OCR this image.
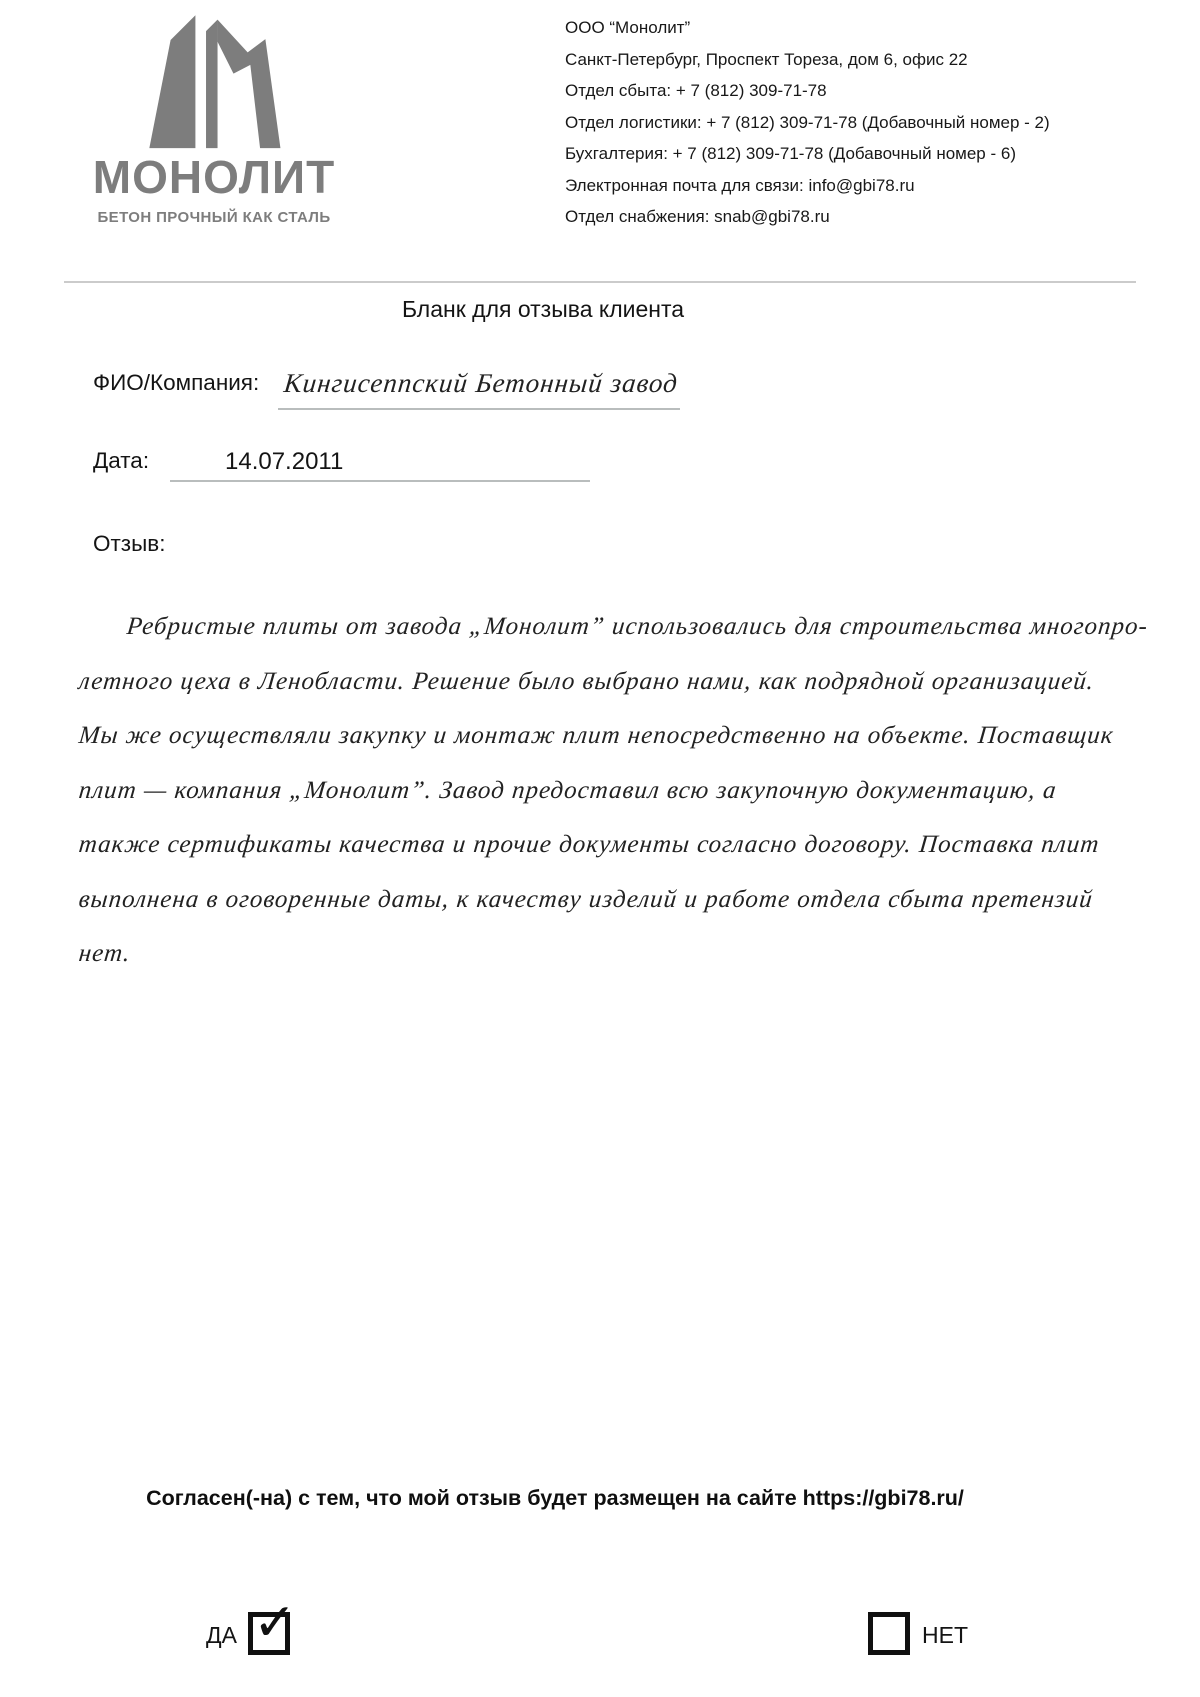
МОНОЛИТ
БЕТОН ПРОЧНЫЙ КАК СТАЛЬ
ООО “Монолит”
Санкт-Петербург, Проспект Тореза, дом 6, офис 22
Отдел сбыта: + 7 (812) 309-71-78
Отдел логистики: + 7 (812) 309-71-78 (Добавочный номер - 2)
Бухгалтерия: + 7 (812) 309-71-78 (Добавочный номер - 6)
Электронная почта для связи: info@gbi78.ru
Отдел снабжения: snab@gbi78.ru
Бланк для отзыва клиента
ФИО/Компания: Кингисеппский Бетонный завод
Дата:	14.07.2011
Отзыв:
Ребристые плиты от завода „Монолит” использовались для строительства многопро-
летного цеха в Ленобласти. Решение было выбрано нами, как подрядной организацией.
Мы же осуществляли закупку и монтаж плит непосредственно на объекте. Поставщик
плит — компания „Монолит”. Завод предоставил всю закупочную документацию, а
также сертификаты качества и прочие документы согласно договору. Поставка плит
выполнена в оговоренные даты, к качеству изделий и работе отдела сбыта претензий
нет.
Согласен(-на) с тем, что мой отзыв будет размещен на сайте https://gbi78.ru/
ДА ✓	НЕТ
